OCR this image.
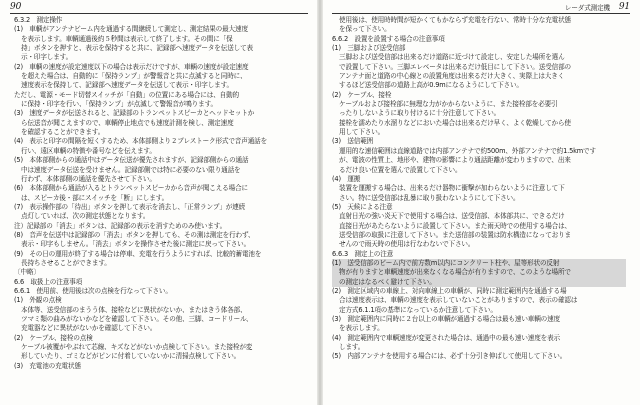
90
6.3.2　測定操作
(1)　車輌がアンテナビーム内を通過する間継続して測定し、測定結果の最大速度
を表示します。車輌通過後約５秒間は表示して終了します。その間に「保
持」ボタンを押すと、表示を保持すると共に、記録部へ速度データを伝送して表
示・印字します。
(2)　車輌の速度が設定速度以下の場合は表示だけですが、車輌の速度が設定速度
を超えた場合は、自動的に「保持ランプ」が警報音と共に点滅すると同時に、
速度表示を保持して、記録部へ速度データを伝送して表示・印字します。
ただし、電源・モード切替スイッチが「自動」の位置にある場合には、自動的
に保持・印字を行い、「保持ランプ」が点滅して警報音が鳴ります。
(3)　速度データが伝送されると、記録部のトランペットスピーカとヘッドセットか
ら伝送音が聞こえますので、車輌停止地点でも速度計測を検し、測定速度
を確認することができます。
(4)　表示と印字の間隔を短くするため、本体部側より２ブレストーク形式で音声通話を
行い、遠区車輌の特徴や番号などを伝えます。
(5)　本体部側からの通話中はデータ伝送が優先されますが、記録部側からの通話
中は速度データ伝送を受けません。記録部側では特に必要のない限り通話を
行わず、本体部側の通話を優先させて下さい。
(6)　本体部側から通話が入るとトランペットスピーカから音声が聞こえる場合に
は、スピーカ後・部にスイッチを「断」にします。
(7)　表示操作部の「待出」ボタンを押して表示を消去し、「正常ランプ」が連続
点灯していれば、次の測定状態となります。
注）記録部の「消去」ボタンは、記録部の表示を消すためのみ使います。
(8)　音声を伝送中は記録部の「消去」ボタンを押しても、その測は測定を行わず、
表示・印字もしません。「消去」ボタンを操作させた後に測定に戻って下さい。
(9)　その日の運用が終了する場合は停車、充電を行うようにすれば、比較的蓄電池を
長持ちさせることができます。
〔中略〕
6.6　取扱上の注意事項
6.6.1　使用前、使用後は次の点検を行なって下さい。
(1)　外観の点検
本体等、送受信部のまうう体、接栓などに異状がないか、またはきう体各部、
ツマミ類の曲みがないかなどを確認して下さい。その他、三脚、コードリール、
充電器などに異状がないかを確認して下さい。
(2)　ケーブル、接栓の点検
ケーブル被覆がやぶれて芯線、キズなどがないか点検して下さい。また接栓が変
形していたり、ゴミなどがピンに付着していないかに清掃点検して下さい。
(3)　充電池の充電状態
レーダ式測定機 91
使用後は、使用時時間が短かくてもかならず充電を行ない、常時十分な充電状態
を保って下さい。
6.6.2　設置を設置する場合の注意事項
(1)　三脚および送受信部
三脚および送受信部は出来るだけ道路に近づけて設定し、安定した場所を選ん
で設置して下さい。三脚エレベータは出来るだけ低目にして下さい。送受信部の
アンテナ面と道路の中心線との設置角度は出来るだけ大きく、実際上は大きく
するほど送受信部の道路上高が0.9mになるようにして下さい。
(2)　ケーブル、接栓
ケーブルおよび接栓部に無理な力がかからないように、また接栓部を必要引
ったりしないように取り付けるに十分注意して下さい。
接栓を濡めたり水溜りなどにおいた場合は出来るだけ早く、よく乾燥してから使
用して下さい。
(3)　送信範囲
運用的な速信範囲は直線道路では内部アンテナで約500m、外部アンテナで約1.5kmです
が、電波の性質上、地形や、建物の影響により通話距離が変わりますので、出来
るだけ良い位置を選んで設置して下さい。
(4)　運搬
装置を運搬する場合は、出来るだけ器物に衝撃が加わらないように注意して下
さい。特に送受信部は乱暴に取り扱わないようにして下さい。
(5)　天候による注意
直射日光の強い炎天下で使用する場合は、送受信部、本体部共に、できるだけ
直接日光があたらないように設置して下さい。また雨天時での使用する場合は、
送受信部の取扱に注意して下さい。また送信部の装置は防水構造になっておりま
せんので雨天時の使用は行なわないで下さい。
6.6.3　測定上の注意
(1)　送受信部のビーム内で前方数m以内にコンクリート柱や、屋等形状の反射
物が有りますと車輌速度が出来なくなる場合が有りますので、このような場所で
の測定はなるべく避けて下さい。
(2)　測定区域内の車線上、対向車線上の車輌が、同時に測定範囲内を通過する場
合は速度表示は、車輌の速度を表示していないことがありますので、表示の確認は
定方式6.1.1項の基準になっているか注意して下さい。
(3)　測定範囲内に同時に２台以上の車輌が通過する場合は最も速い車輌の速度
を表示します。
(4)　測定範囲内で車輌速度が変更された場合は、通過中の最も速い速度を表示
します。
(5)　内部アンテナを使用する場合には、必ず十分引き伸ばして使用して下さい。
